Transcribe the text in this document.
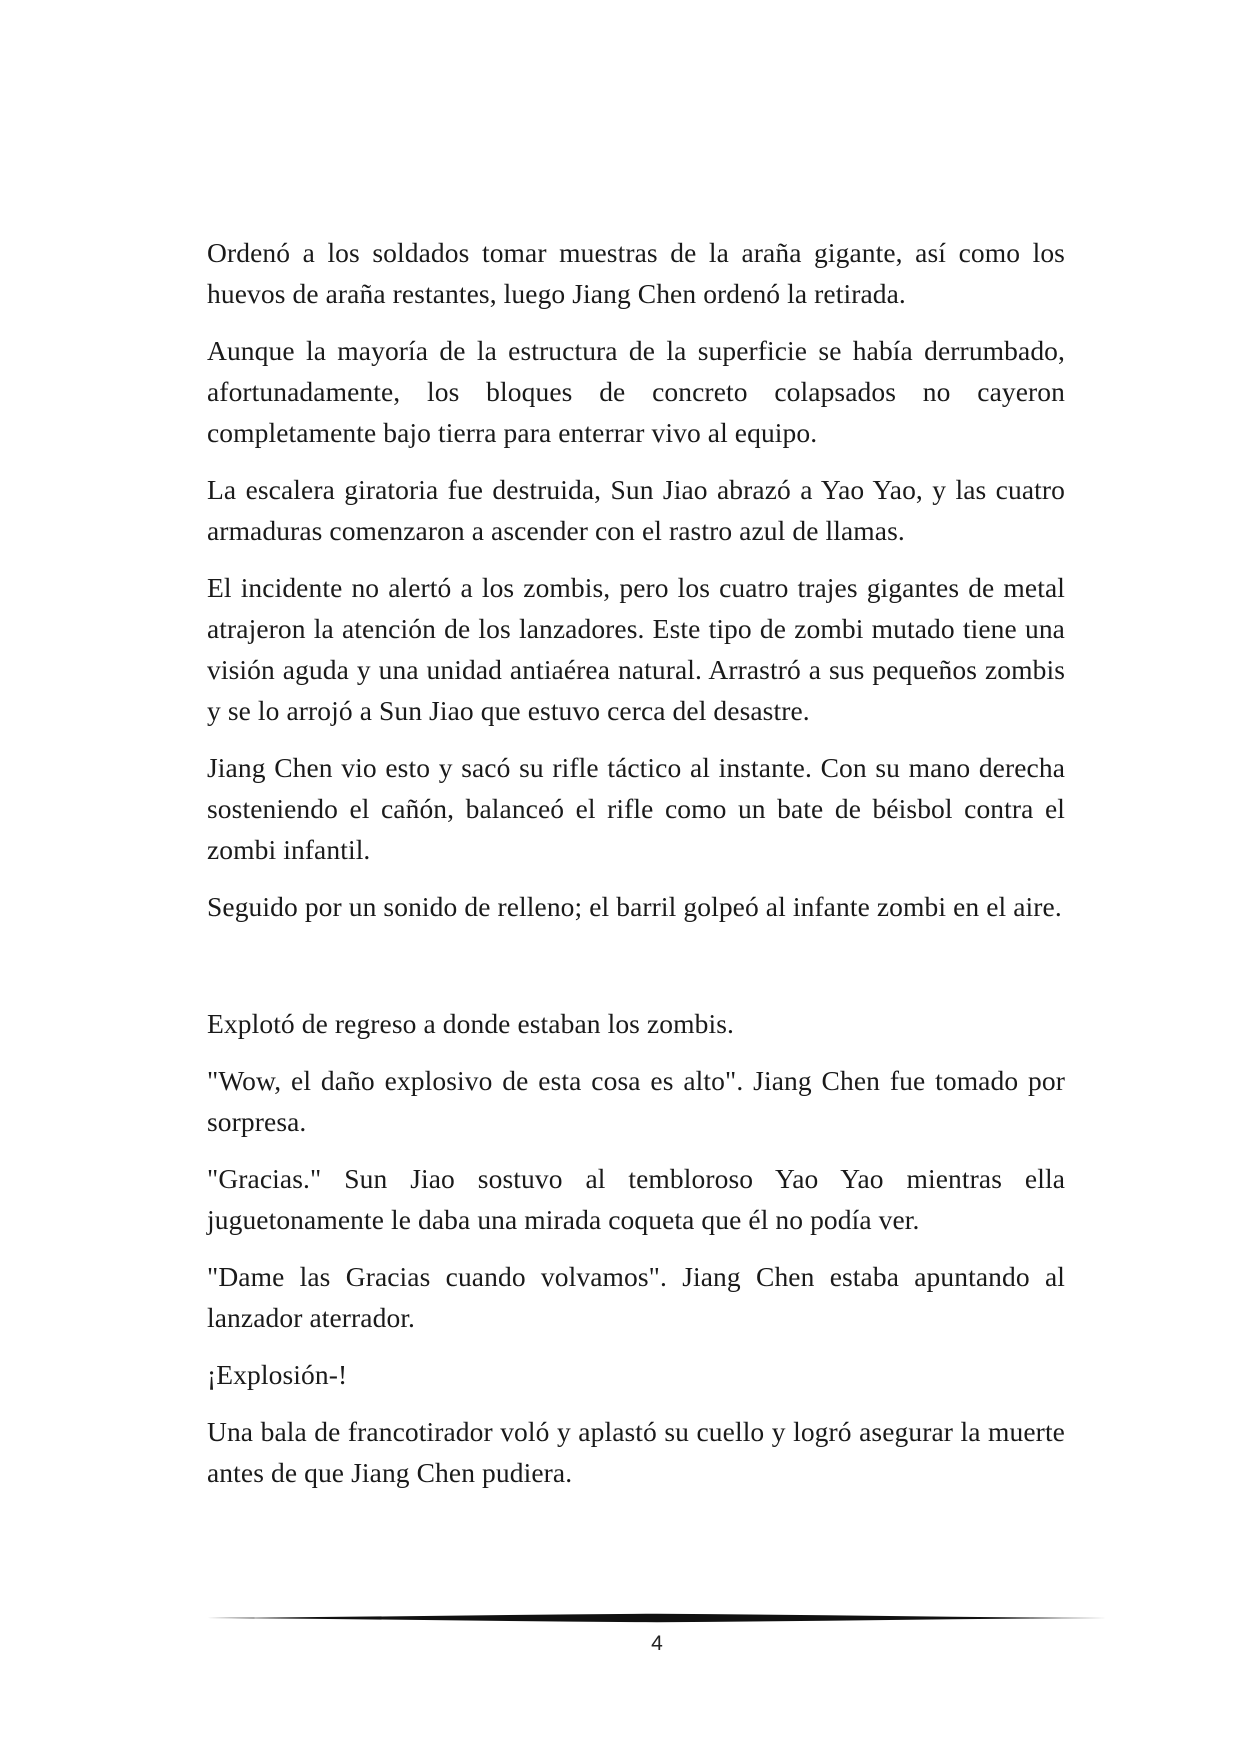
Ordenó a los soldados tomar muestras de la araña gigante, así como los huevos de araña restantes, luego Jiang Chen ordenó la retirada.

Aunque la mayoría de la estructura de la superficie se había derrumbado, afortunadamente, los bloques de concreto colapsados no cayeron completamente bajo tierra para enterrar vivo al equipo.

La escalera giratoria fue destruida, Sun Jiao abrazó a Yao Yao, y las cuatro armaduras comenzaron a ascender con el rastro azul de llamas.

El incidente no alertó a los zombis, pero los cuatro trajes gigantes de metal atrajeron la atención de los lanzadores. Este tipo de zombi mutado tiene una visión aguda y una unidad antiaérea natural. Arrastró a sus pequeños zombis y se lo arrojó a Sun Jiao que estuvo cerca del desastre.

Jiang Chen vio esto y sacó su rifle táctico al instante. Con su mano derecha sosteniendo el cañón, balanceó el rifle como un bate de béisbol contra el zombi infantil.

Seguido por un sonido de relleno; el barril golpeó al infante zombi en el aire.

Explotó de regreso a donde estaban los zombis.

"Wow, el daño explosivo de esta cosa es alto". Jiang Chen fue tomado por sorpresa.

"Gracias." Sun Jiao sostuvo al tembloroso Yao Yao mientras ella juguetonamente le daba una mirada coqueta que él no podía ver.

"Dame las Gracias cuando volvamos". Jiang Chen estaba apuntando al lanzador aterrador.

¡Explosión-!

Una bala de francotirador voló y aplastó su cuello y logró asegurar la muerte antes de que Jiang Chen pudiera.

4
